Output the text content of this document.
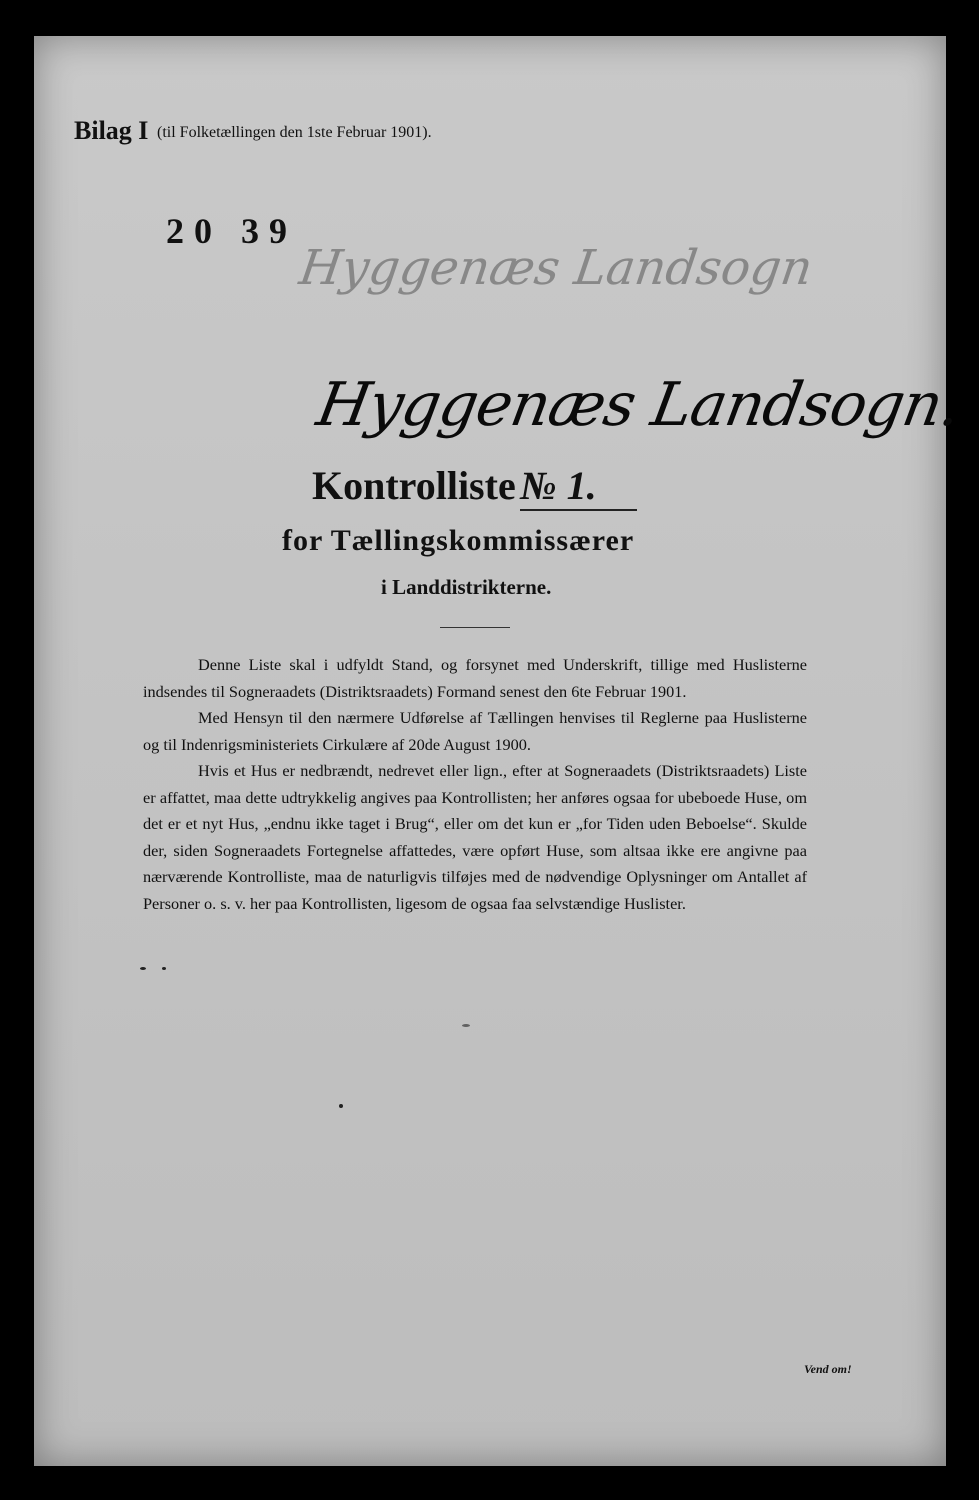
Bilag I (til Folketællingen den 1ste Februar 1901).
20 39
Hyggenæs Landsogn
Hyggenæs Landsogn.
Kontrolliste № 1.
for Tællingskommissærer
i Landdistrikterne.

Denne Liste skal i udfyldt Stand, og forsynet med Underskrift, tillige med Huslisterne indsendes til Sogneraadets (Distriktsraadets) Formand senest den 6te Februar 1901.

Med Hensyn til den nærmere Udførelse af Tællingen henvises til Reglerne paa Huslisterne og til Indenrigsministeriets Cirkulære af 20de August 1900.

Hvis et Hus er nedbrændt, nedrevet eller lign., efter at Sogneraadets (Distriktsraadets) Liste er affattet, maa dette udtrykkelig angives paa Kontrollisten; her anføres ogsaa for ubeboede Huse, om det er et nyt Hus, „endnu ikke taget i Brug“, eller om det kun er „for Tiden uden Beboelse“. Skulde der, siden Sogneraadets Fortegnelse affattedes, være opført Huse, som altsaa ikke ere angivne paa nærværende Kontrolliste, maa de naturligvis tilføjes med de nødvendige Oplysninger om Antallet af Personer o. s. v. her paa Kontrollisten, ligesom de ogsaa faa selvstændige Huslister.

Vend om!
